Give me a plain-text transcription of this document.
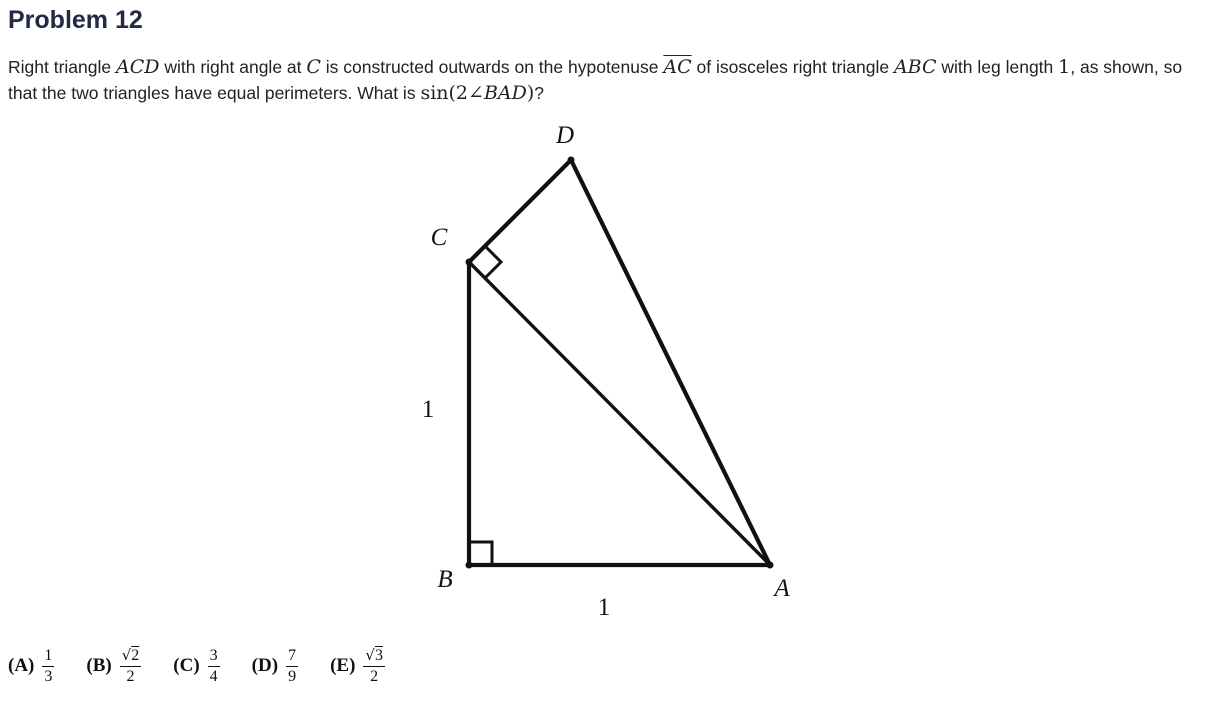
Problem 12

Right triangle ACD with right angle at C is constructed outwards on the hypotenuse $\overline{AC}$ of isosceles right triangle ABC with leg length 1, as shown, so that the two triangles have equal perimeters. What is sin(2∠BAD)?

D
C
B	A
1
1
$(A) \frac{1}{3} (B) \frac{√2}{2} (C) \frac{3}{4} (D) \frac{7}{9} (E) \frac{√3}{2}$
